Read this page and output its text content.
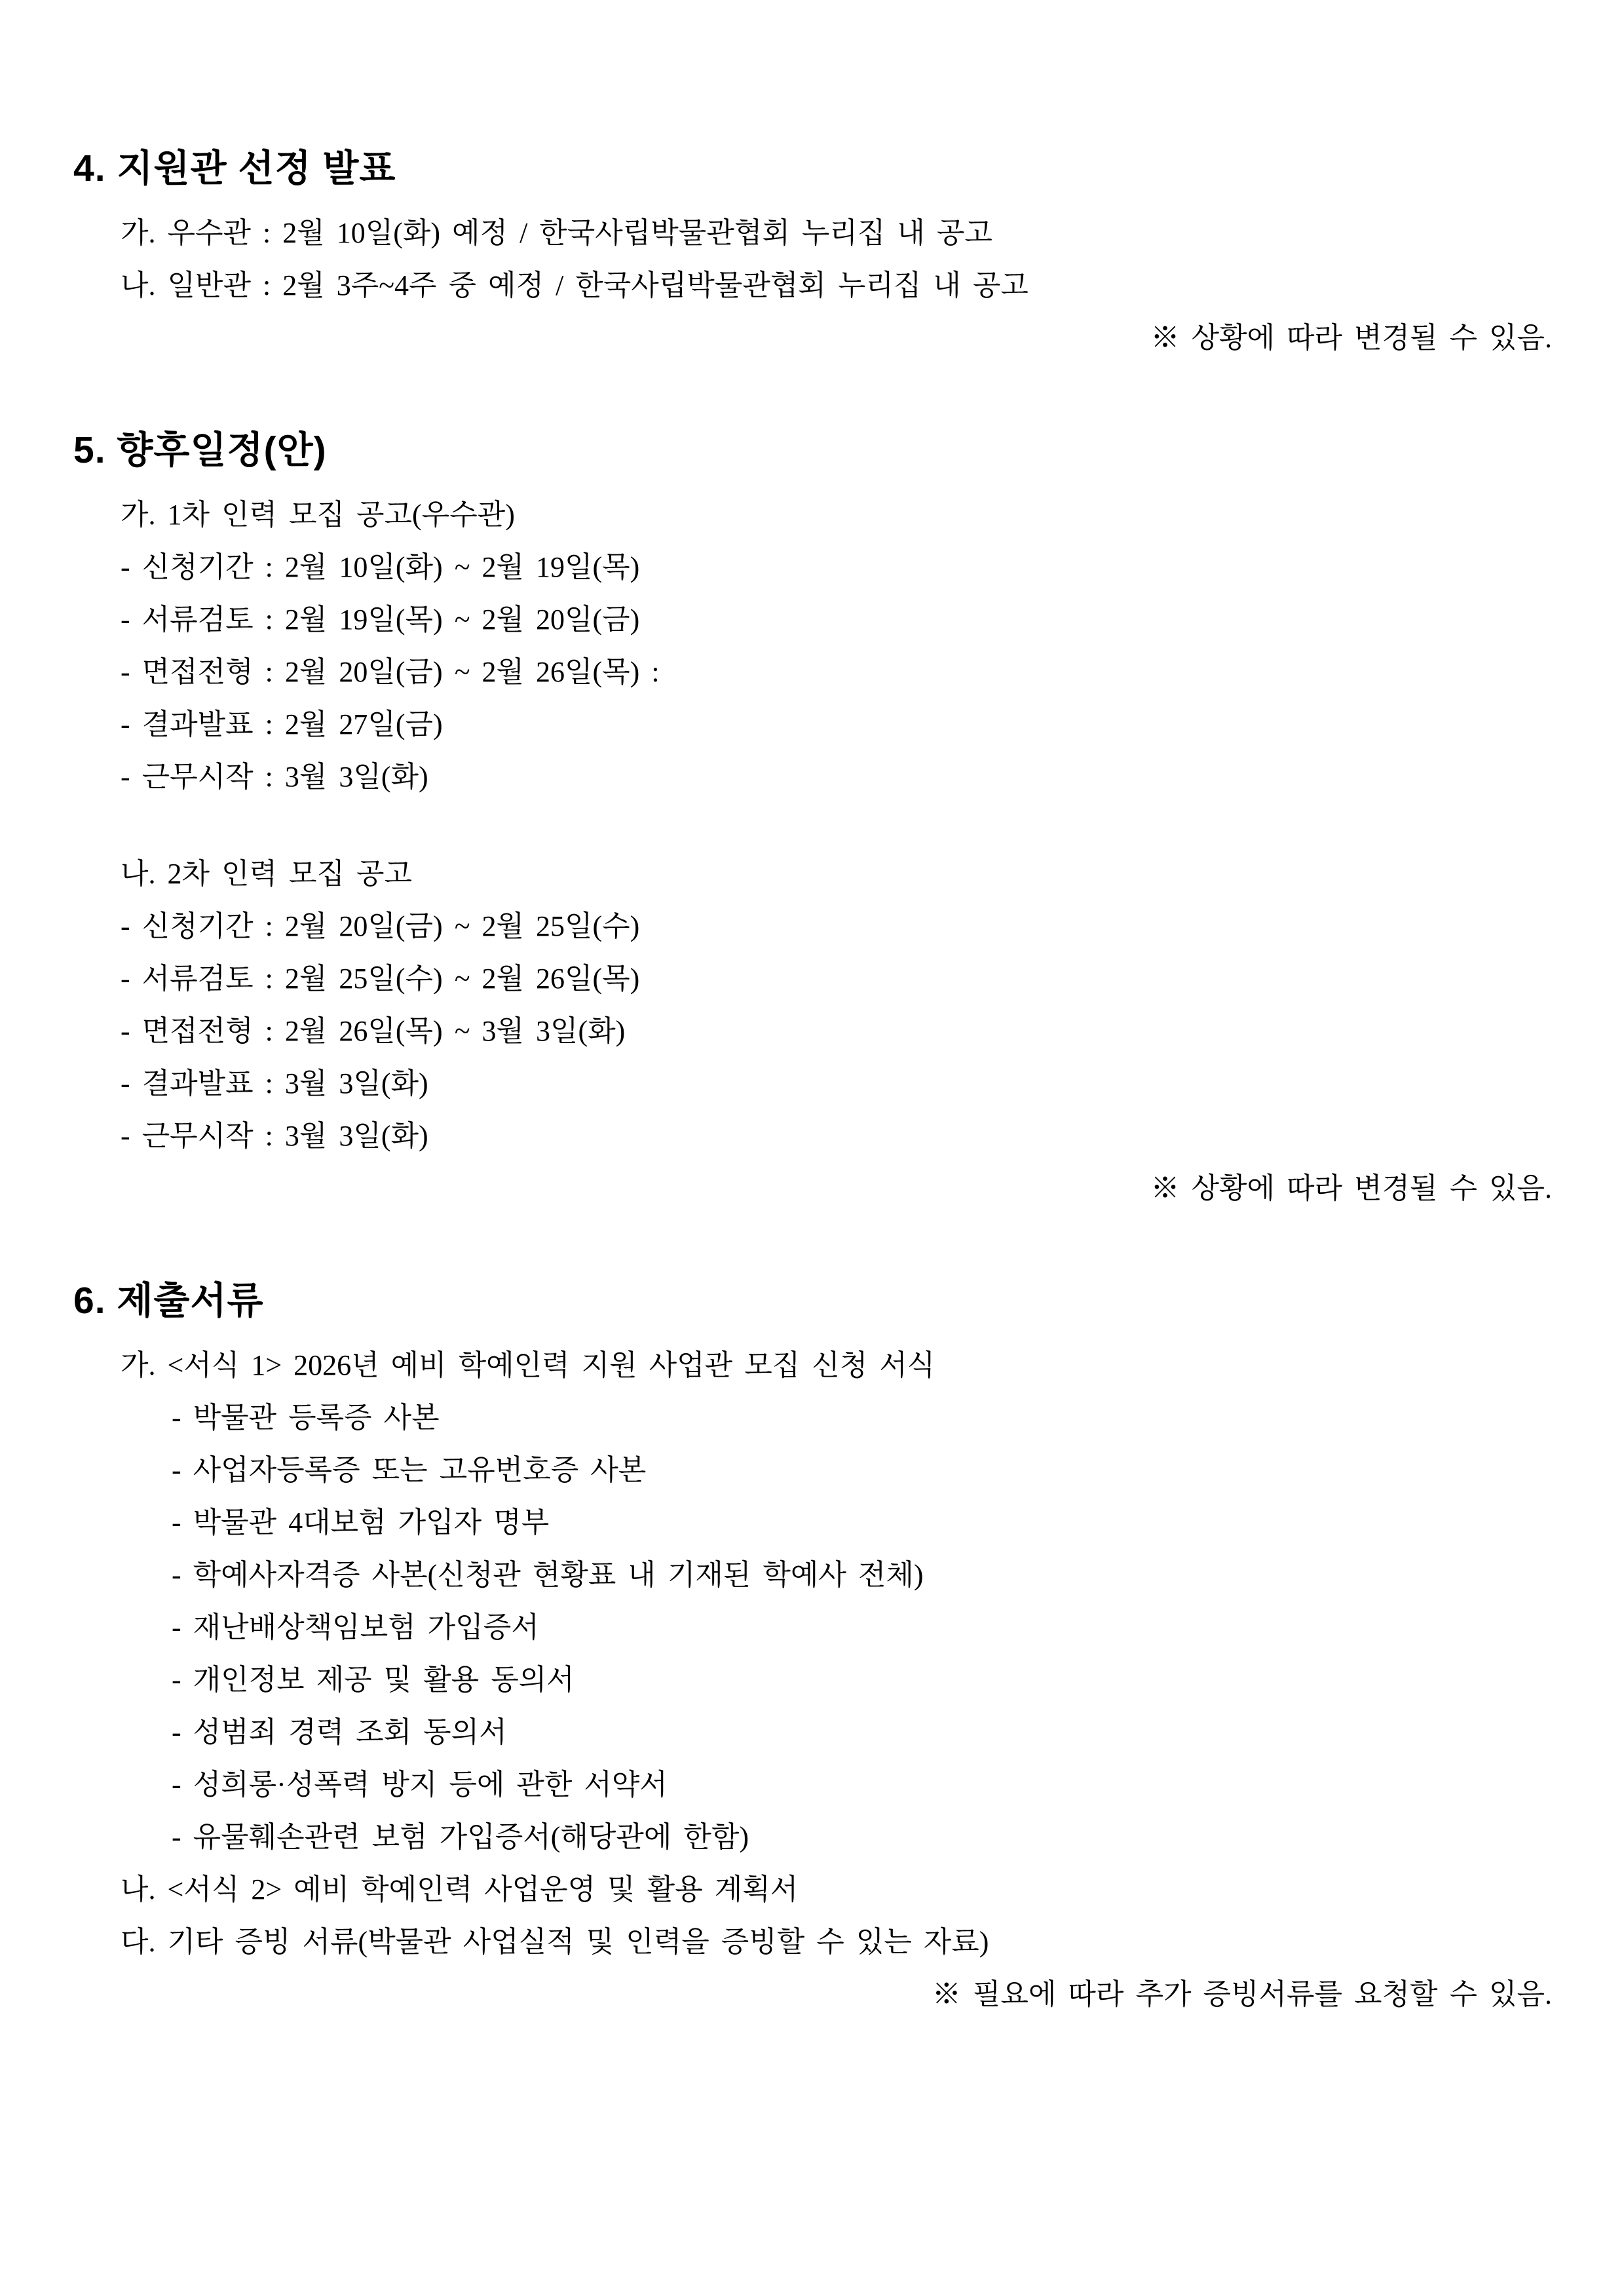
4. 지원관 선정 발표
가. 우수관 : 2월 10일(화) 예정 / 한국사립박물관협회 누리집 내 공고
나. 일반관 : 2월 3주~4주 중 예정 / 한국사립박물관협회 누리집 내 공고
※ 상황에 따라 변경될 수 있음.
5. 향후일정(안)
가. 1차 인력 모집 공고(우수관)
- 신청기간 : 2월 10일(화) ~ 2월 19일(목)
- 서류검토 : 2월 19일(목) ~ 2월 20일(금)
- 면접전형 : 2월 20일(금) ~ 2월 26일(목) :
- 결과발표 : 2월 27일(금)
- 근무시작 : 3월 3일(화)
나. 2차 인력 모집 공고
- 신청기간 : 2월 20일(금) ~ 2월 25일(수)
- 서류검토 : 2월 25일(수) ~ 2월 26일(목)
- 면접전형 : 2월 26일(목) ~ 3월 3일(화)
- 결과발표 : 3월 3일(화)
- 근무시작 : 3월 3일(화)
※ 상황에 따라 변경될 수 있음.
6. 제출서류
가. <서식 1> 2026년 예비 학예인력 지원 사업관 모집 신청 서식
- 박물관 등록증 사본
- 사업자등록증 또는 고유번호증 사본
- 박물관 4대보험 가입자 명부
- 학예사자격증 사본(신청관 현황표 내 기재된 학예사 전체)
- 재난배상책임보험 가입증서
- 개인정보 제공 및 활용 동의서
- 성범죄 경력 조회 동의서
- 성희롱·성폭력 방지 등에 관한 서약서
- 유물훼손관련 보험 가입증서(해당관에 한함)
나. <서식 2> 예비 학예인력 사업운영 및 활용 계획서
다. 기타 증빙 서류(박물관 사업실적 및 인력을 증빙할 수 있는 자료)
※ 필요에 따라 추가 증빙서류를 요청할 수 있음.
